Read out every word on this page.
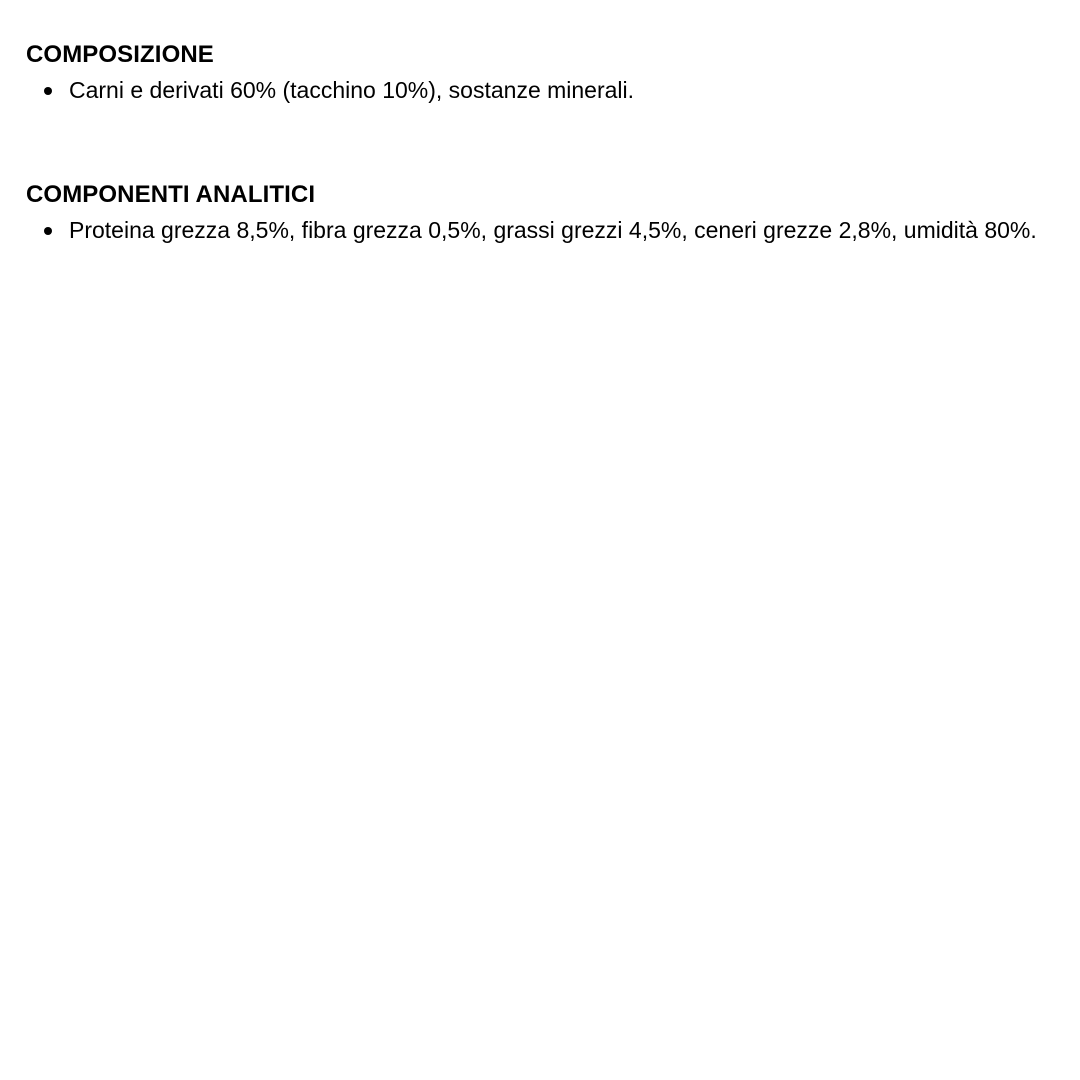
COMPOSIZIONE
Carni e derivati 60% (tacchino 10%), sostanze minerali.
COMPONENTI ANALITICI
Proteina grezza 8,5%, fibra grezza 0,5%, grassi grezzi 4,5%, ceneri grezze 2,8%, umidità 80%.
